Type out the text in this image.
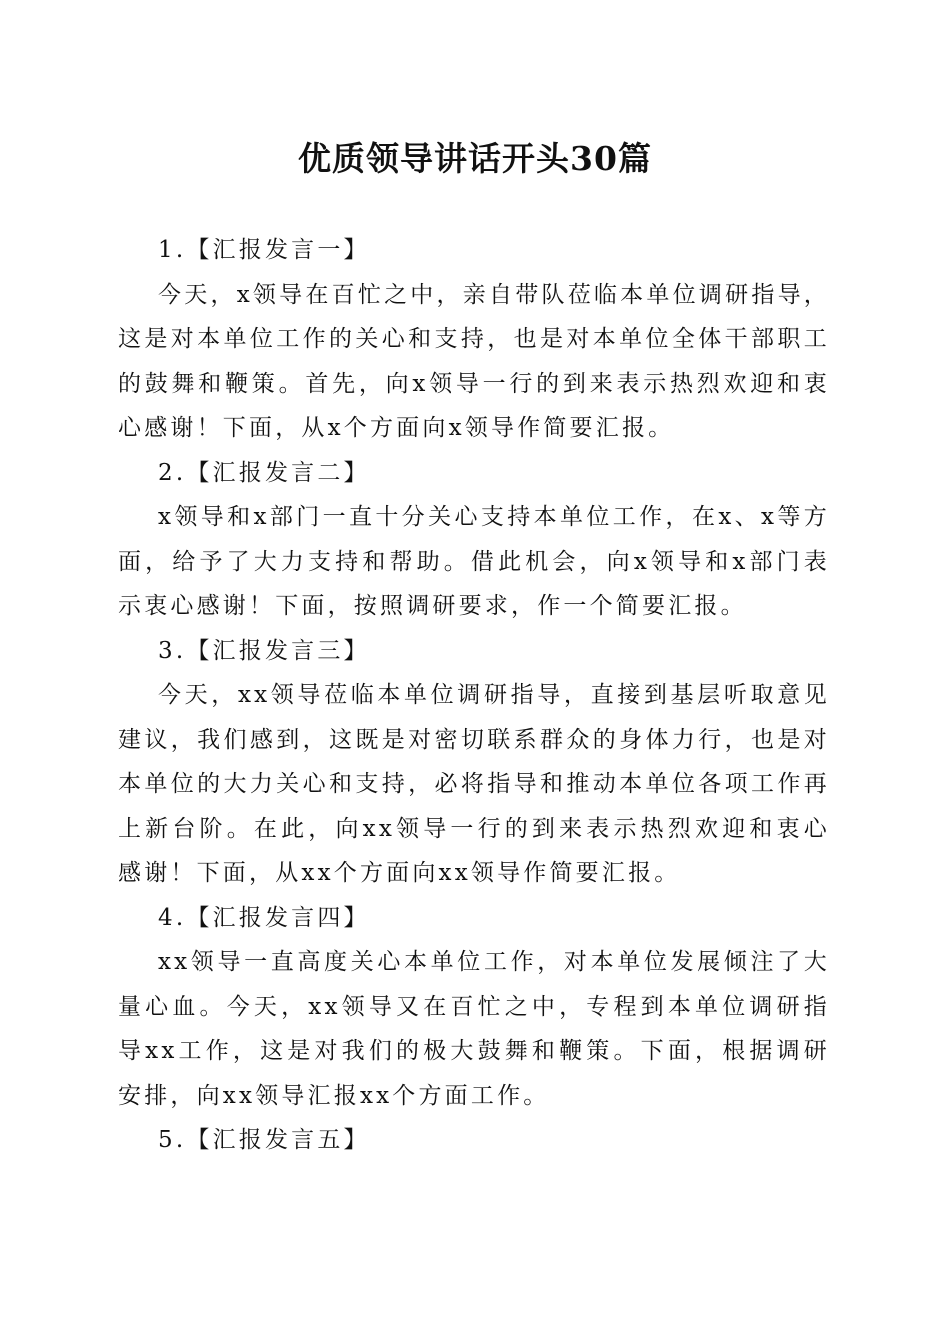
优质领导讲话开头30篇

1.【汇报发言一】

今天，x领导在百忙之中，亲自带队莅临本单位调研指导，这是对本单位工作的关心和支持，也是对本单位全体干部职工的鼓舞和鞭策。首先，向x领导一行的到来表示热烈欢迎和衷心感谢！下面，从x个方面向x领导作简要汇报。

2.【汇报发言二】

x领导和x部门一直十分关心支持本单位工作，在x、x等方面，给予了大力支持和帮助。借此机会，向x领导和x部门表示衷心感谢！下面，按照调研要求，作一个简要汇报。

3.【汇报发言三】

今天，xx领导莅临本单位调研指导，直接到基层听取意见建议，我们感到，这既是对密切联系群众的身体力行，也是对本单位的大力关心和支持，必将指导和推动本单位各项工作再上新台阶。在此，向xx领导一行的到来表示热烈欢迎和衷心感谢！下面，从xx个方面向xx领导作简要汇报。

4.【汇报发言四】

xx领导一直高度关心本单位工作，对本单位发展倾注了大量心血。今天，xx领导又在百忙之中，专程到本单位调研指导xx工作，这是对我们的极大鼓舞和鞭策。下面，根据调研安排，向xx领导汇报xx个方面工作。

5.【汇报发言五】
